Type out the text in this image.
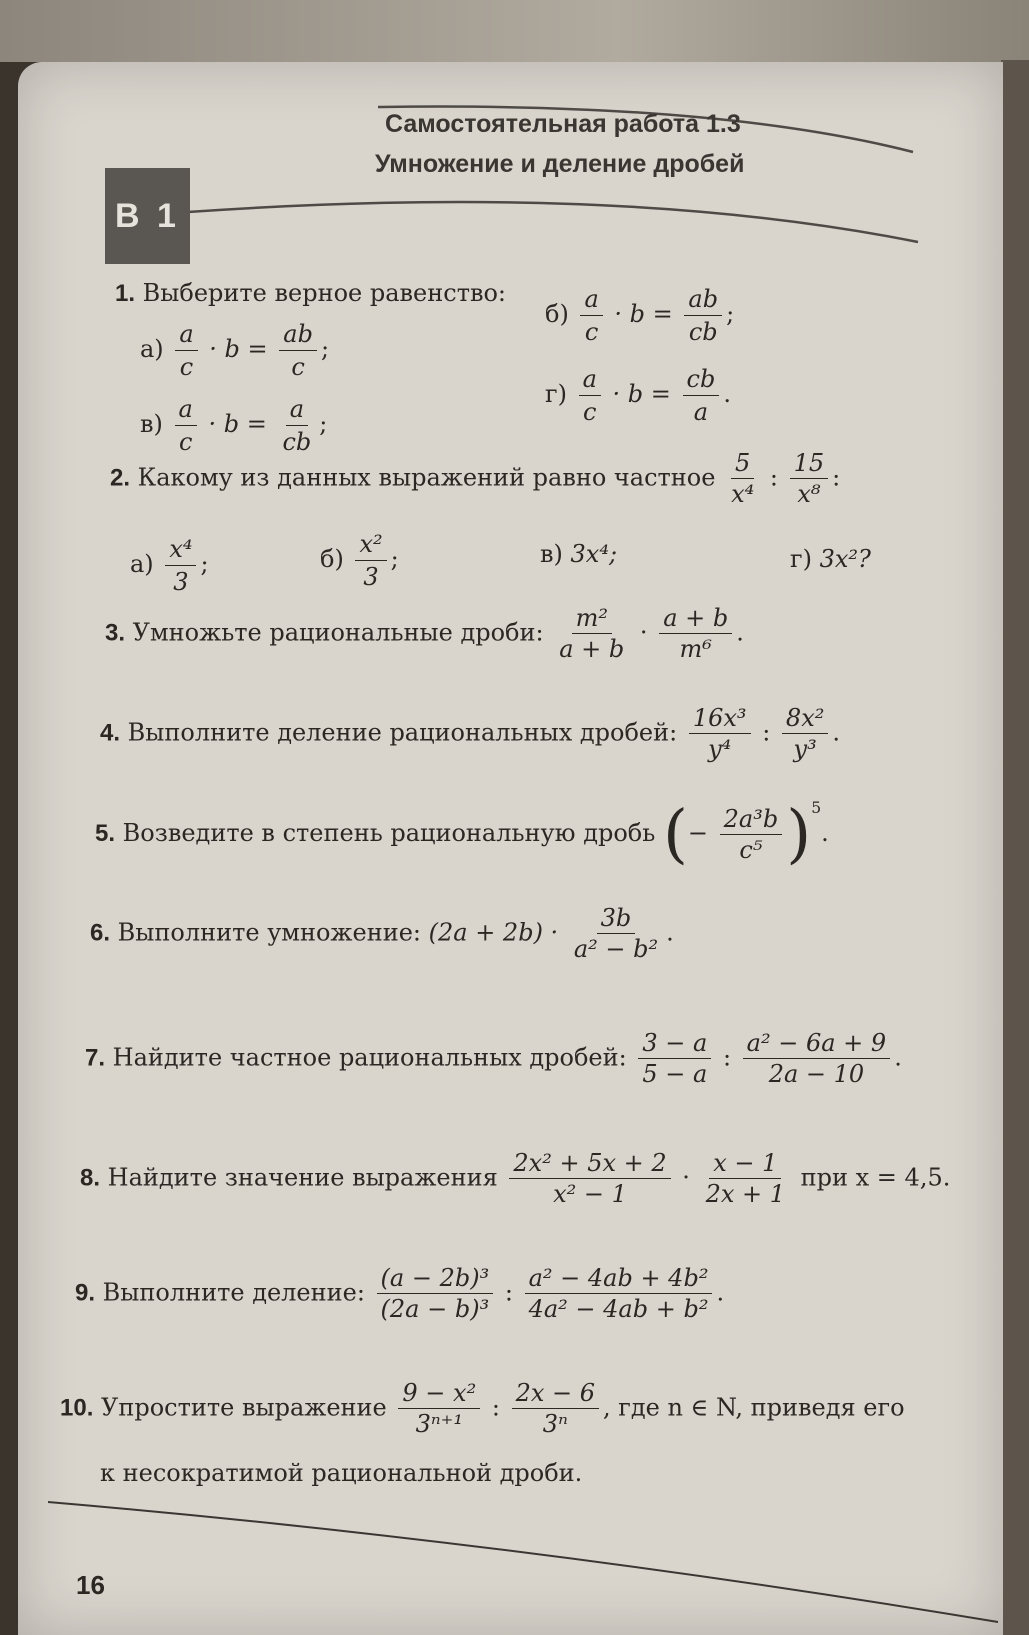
В 1
Самостоятельная работа 1.3
Умножение и деление дробей
1. Выберите верное равенство:
$а) \frac{a}{c} \cdot b = \frac{ab}{c}$ ;
$б) \frac{a}{c} \cdot b = \frac{ab}{cb}$ ;
$в) \frac{a}{c} \cdot b = \frac{a}{cb}$ ;
$г) \frac{a}{c} \cdot b = \frac{cb}{a}$ .
2. Какому из данных выражений равно частное $\frac{5}{\text{x⁴}}$ : $\frac{15}{\text{x⁸}}$ :
$а) \frac{\text{x⁴}}{3}$ ;	$б) \frac{\text{x²}}{3}$ ;	в) 3x⁴;	г) 3x²?
3. Умножьте рациональные дроби: $\frac{\text{m²}}{a + b} \cdot \frac{a + b}{\text{m⁶}}$ .
4. Выполните деление рациональных дробей: $\frac{\text{16x³}}{\text{y⁴}}$ : $\frac{\text{8x²}}{\text{y³}}$ .
5. Возведите в степень рациональную дробь (− $\frac{\text{2a³b}}{\text{c⁵}} )^5$.
6. Выполните умножение: $(2a + 2b) \cdot \frac{3b}{\text{a² − b²}}$ .
7. Найдите частное рациональных дробей: $\frac{3 - a}{5 - a}$ : $\frac{\text{a² − 6a + 9}}{2a - 10}$ .
8. Найдите значение выражения $\frac{\text{2x² + 5x + 2}}{\text{x² − 1}} \cdot \frac{x - 1}{2x + 1}$ при x = 4,5.
9. Выполните деление: $\frac{\text{(a − 2b)³}}{\text{(2a − b)³}}$ : $\frac{\text{a² − 4ab + 4b²}}{\text{4a² − 4ab + b²}}$ .
10. Упростите выражение $\frac{\text{9 − x²}}{\text{3ⁿ⁺¹}}$ : $\frac{2x - 6}{\text{3ⁿ}}$ , где n ∈ N, приведя его
к несократимой рациональной дроби.
16
